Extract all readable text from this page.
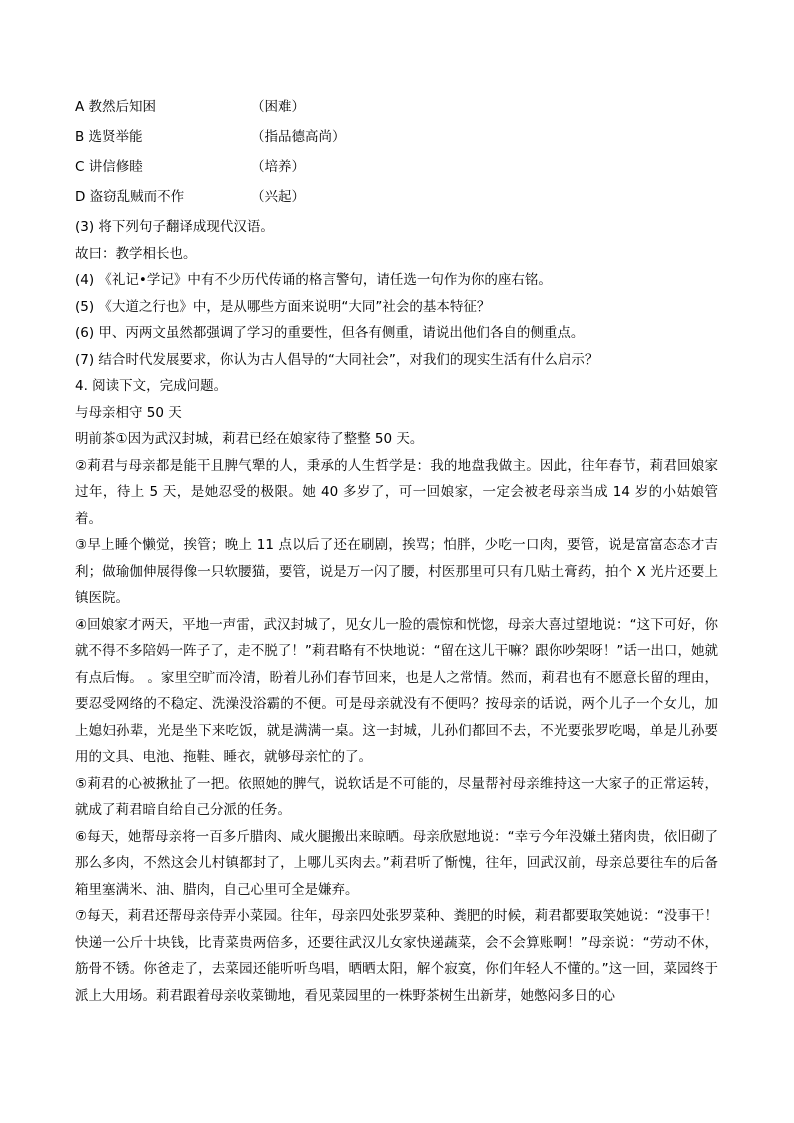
A 教然后知困	（困难）
B 选贤举能	（指品德高尚）
C 讲信修睦	（培养）
D 盗窃乱贼而不作	（兴起）

(3) 将下列句子翻译成现代汉语。

故曰：教学相长也。

(4) 《礼记•学记》中有不少历代传诵的格言警句，请任选一句作为你的座右铭。

(5) 《大道之行也》中，是从哪些方面来说明“大同”社会的基本特征？

(6) 甲、丙两文虽然都强调了学习的重要性，但各有侧重，请说出他们各自的侧重点。

(7) 结合时代发展要求，你认为古人倡导的“大同社会”，对我们的现实生活有什么启示？

4. 阅读下文，完成问题。

与母亲相守 50 天

明前茶①因为武汉封城，莉君已经在娘家待了整整 50 天。

②莉君与母亲都是能干且脾气犟的人，秉承的人生哲学是：我的地盘我做主。因此，往年春节，莉君回娘家过年，待上 5 天，是她忍受的极限。她 40 多岁了，可一回娘家，一定会被老母亲当成 14 岁的小姑娘管着。

③早上睡个懒觉，挨管；晚上 11 点以后了还在刷剧，挨骂；怕胖，少吃一口肉，要管，说是富富态态才吉利；做瑜伽伸展得像一只软腰猫，要管，说是万一闪了腰，村医那里可只有几贴土膏药，拍个 X 光片还要上镇医院。

④回娘家才两天，平地一声雷，武汉封城了，见女儿一脸的震惊和恍惚，母亲大喜过望地说：“这下可好，你就不得不多陪妈一阵子了，走不脱了！”莉君略有不快地说：“留在这儿干嘛？跟你吵架呀！”话一出口，她就有点后悔。 。家里空旷而冷清，盼着儿孙们春节回来，也是人之常情。然而，莉君也有不愿意长留的理由，要忍受网络的不稳定、洗澡没浴霸的不便。可是母亲就没有不便吗？按母亲的话说，两个儿子一个女儿，加上媳妇孙辈，光是坐下来吃饭，就是满满一桌。这一封城，儿孙们都回不去，不光要张罗吃喝，单是儿孙要用的文具、电池、拖鞋、睡衣，就够母亲忙的了。

⑤莉君的心被揪扯了一把。依照她的脾气，说软话是不可能的，尽量帮衬母亲维持这一大家子的正常运转，就成了莉君暗自给自己分派的任务。

⑥每天，她帮母亲将一百多斤腊肉、咸火腿搬出来晾晒。母亲欣慰地说：“幸亏今年没嫌土猪肉贵，依旧砌了那么多肉，不然这会儿村镇都封了，上哪儿买肉去。”莉君听了惭愧，往年，回武汉前，母亲总要往车的后备箱里塞满米、油、腊肉，自己心里可全是嫌弃。

⑦每天，莉君还帮母亲侍弄小菜园。往年，母亲四处张罗菜种、粪肥的时候，莉君都要取笑她说：“没事干！快递一公斤十块钱，比青菜贵两倍多，还要往武汉儿女家快递蔬菜，会不会算账啊！”母亲说：“劳动不休，筋骨不锈。你爸走了，去菜园还能听听鸟唱，晒晒太阳，解个寂寞，你们年轻人不懂的。”这一回，菜园终于派上大用场。莉君跟着母亲收菜锄地，看见菜园里的一株野茶树生出新芽，她憋闷多日的心
